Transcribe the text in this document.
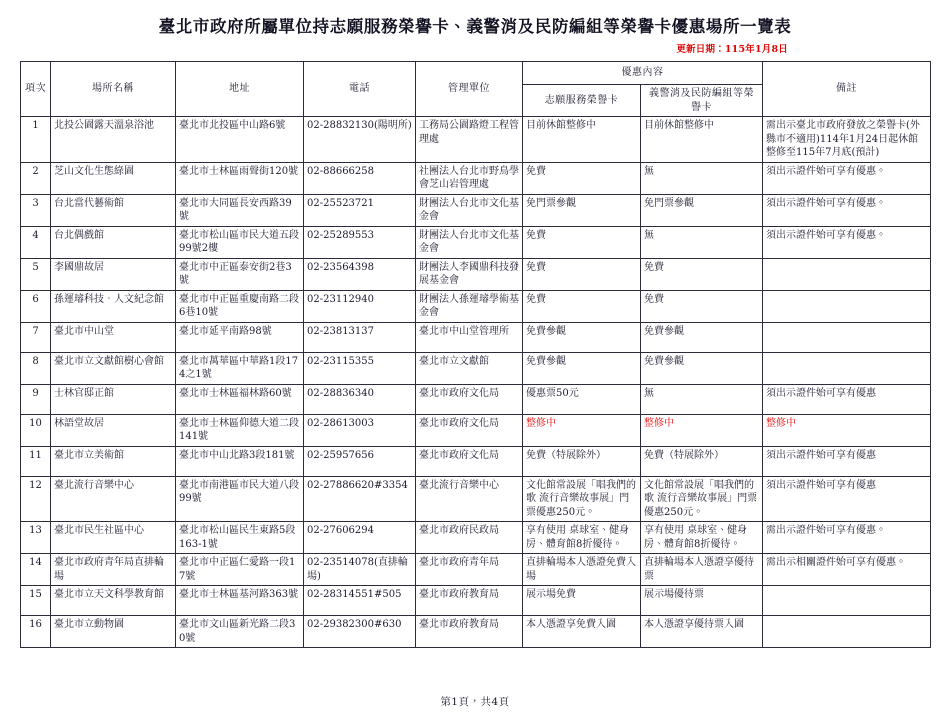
臺北市政府所屬單位持志願服務榮譽卡、義警消及民防編組等榮譽卡優惠場所一覽表
更新日期：115年1月8日
項次	場所名稱	地址	電話	管理單位	優惠內容		備註
					志願服務榮譽卡	義警消及民防編組等榮譽卡	
1	北投公園露天溫泉浴池	臺北市北投區中山路6號	02-28832130(陽明所)	工務局公園路燈工程管理處	目前休館整修中	目前休館整修中	需出示臺北市政府發放之榮譽卡(外縣市不適用)114年1月24日起休館整修至115年7月底(預計)
2	芝山文化生態綠園	臺北市士林區雨聲街120號	02-88666258	社團法人台北市野鳥學會芝山岩管理處	免費	無	須出示證件始可享有優惠。
3	台北當代藝術館	臺北市大同區長安西路39號	02-25523721	財團法人台北市文化基金會	免門票參觀	免門票參觀	須出示證件始可享有優惠。
4	台北偶戲館	臺北市松山區市民大道五段99號2樓	02-25289553	財團法人台北市文化基金會	免費	無	須出示證件始可享有優惠。
5	李國鼎故居	臺北市中正區泰安街2巷3號	02-23564398	財團法人李國鼎科技發展基金會	免費	免費	
6	孫運璿科技‧人文紀念館	臺北市中正區重慶南路二段6巷10號	02-23112940	財團法人孫運璿學術基金會	免費	免費	
7	臺北市中山堂	臺北市延平南路98號	02-23813137	臺北市中山堂管理所	免費參觀	免費參觀	
8	臺北市立文獻館樹心會館	臺北市萬華區中華路1段174之1號	02-23115355	臺北市立文獻館	免費參觀	免費參觀	
9	士林官邸正館	臺北市士林區福林路60號	02-28836340	臺北市政府文化局	優惠票50元	無	須出示證件始可享有優惠
10	林語堂故居	臺北市士林區仰德大道二段141號	02-28613003	臺北市政府文化局	整修中	整修中	整修中
11	臺北市立美術館	臺北市中山北路3段181號	02-25957656	臺北市政府文化局	免費（特展除外）	免費（特展除外）	須出示證件始可享有優惠
12	臺北流行音樂中心	臺北市南港區市民大道八段99號	02-27886620#3354	臺北流行音樂中心	文化館常設展「唱我們的歌 流行音樂故事展」門票優惠250元。	文化館常設展「唱我們的歌 流行音樂故事展」門票優惠250元。	須出示證件始可享有優惠
13	臺北市民生社區中心	臺北市松山區民生東路5段163-1號	02-27606294	臺北市政府民政局	享有使用 桌球室、健身房、體育館8折優待。	享有使用 桌球室、健身房、體育館8折優待。	需出示證件始可享有優惠。
14	臺北市政府青年局直排輪場	臺北市中正區仁愛路一段17號	02-23514078(直排輪場)	臺北市政府青年局	直排輪場本人憑證免費入場	直排輪場本人憑證享優待票	需出示相關證件始可享有優惠。
15	臺北市立天文科學教育館	臺北市士林區基河路363號	02-28314551#505	臺北市政府教育局	展示場免費	展示場優待票	
16	臺北市立動物園	臺北市文山區新光路二段30號	02-29382300#630	臺北市政府教育局	本人憑證享免費入園	本人憑證享優待票入園	
第1頁，共4頁
